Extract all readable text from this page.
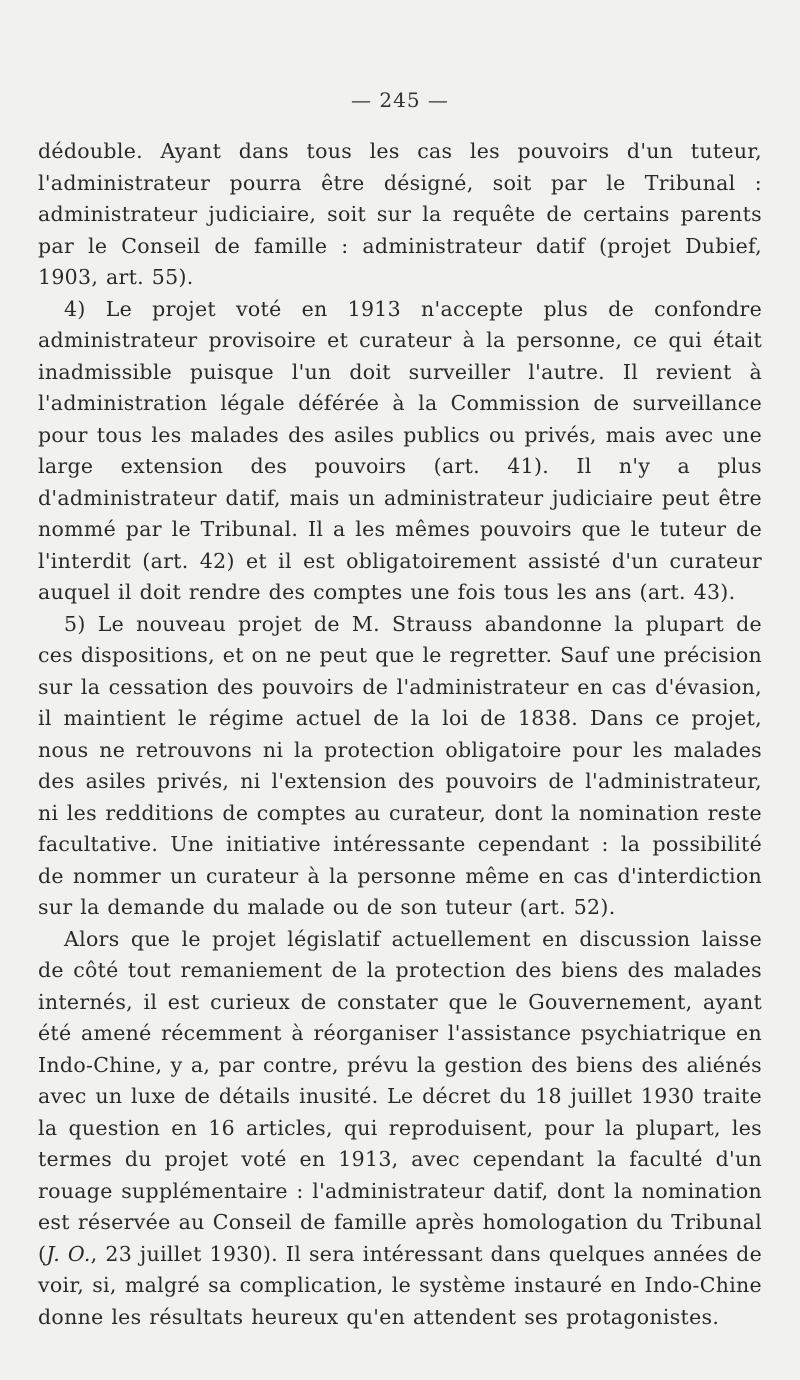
— 245 —

dédouble. Ayant dans tous les cas les pouvoirs d'un tuteur, l'administrateur pourra être désigné, soit par le Tribunal : administrateur judiciaire, soit sur la requête de certains parents par le Conseil de famille : administrateur datif (projet Dubief, 1903, art. 55).

4) Le projet voté en 1913 n'accepte plus de confondre administrateur provisoire et curateur à la personne, ce qui était inadmissible puisque l'un doit surveiller l'autre. Il revient à l'administration légale déférée à la Commission de surveillance pour tous les malades des asiles publics ou privés, mais avec une large extension des pouvoirs (art. 41). Il n'y a plus d'administrateur datif, mais un administrateur judiciaire peut être nommé par le Tribunal. Il a les mêmes pouvoirs que le tuteur de l'interdit (art. 42) et il est obligatoirement assisté d'un curateur auquel il doit rendre des comptes une fois tous les ans (art. 43).

5) Le nouveau projet de M. Strauss abandonne la plupart de ces dispositions, et on ne peut que le regretter. Sauf une précision sur la cessation des pouvoirs de l'administrateur en cas d'évasion, il maintient le régime actuel de la loi de 1838. Dans ce projet, nous ne retrouvons ni la protection obligatoire pour les malades des asiles privés, ni l'extension des pouvoirs de l'administrateur, ni les redditions de comptes au curateur, dont la nomination reste facultative. Une initiative intéressante cependant : la possibilité de nommer un curateur à la personne même en cas d'interdiction sur la demande du malade ou de son tuteur (art. 52).

Alors que le projet législatif actuellement en discussion laisse de côté tout remaniement de la protection des biens des malades internés, il est curieux de constater que le Gouvernement, ayant été amené récemment à réorganiser l'assistance psychiatrique en Indo-Chine, y a, par contre, prévu la gestion des biens des aliénés avec un luxe de détails inusité. Le décret du 18 juillet 1930 traite la question en 16 articles, qui reproduisent, pour la plupart, les termes du projet voté en 1913, avec cependant la faculté d'un rouage supplémentaire : l'administrateur datif, dont la nomination est réservée au Conseil de famille après homologation du Tribunal (J. O., 23 juillet 1930). Il sera intéressant dans quelques années de voir, si, malgré sa complication, le système instauré en Indo-Chine donne les résultats heureux qu'en attendent ses protagonistes.
